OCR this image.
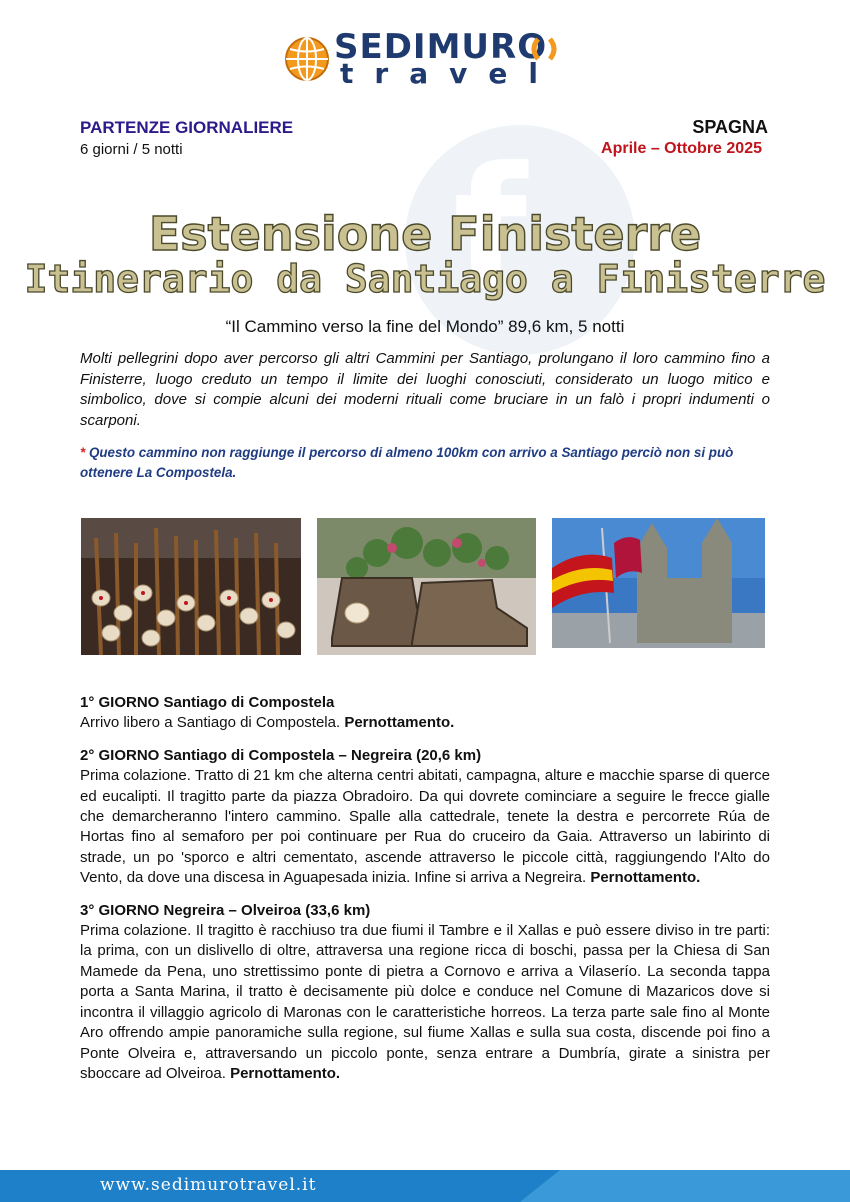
f
SEDIMURO
travel
PARTENZE GIORNALIERE
6 giorni / 5 notti
SPAGNA
Aprile – Ottobre 2025
Estensione Finisterre
Itinerario da Santiago a Finisterre
“Il Cammino verso la fine del Mondo” 89,6 km, 5 notti
Molti pellegrini dopo aver percorso gli altri Cammini per Santiago, prolungano il loro cammino fino a Finisterre, luogo creduto un tempo il limite dei luoghi conosciuti, considerato un luogo mitico e simbolico, dove si compie alcuni dei moderni rituali come bruciare in un falò i propri indumenti o scarponi.
* Questo cammino non raggiunge il percorso di almeno 100km con arrivo a Santiago perciò non si può ottenere La Compostela.
1° GIORNO Santiago di Compostela
Arrivo libero a Santiago di Compostela. Pernottamento.
2° GIORNO Santiago di Compostela – Negreira (20,6 km)
Prima colazione. Tratto di 21 km che alterna centri abitati, campagna, alture e macchie sparse di querce ed eucalipti. Il tragitto parte da piazza Obradoiro. Da qui dovrete cominciare a seguire le frecce gialle che demarcheranno l'intero cammino. Spalle alla cattedrale, tenete la destra e percorrete Rúa de Hortas fino al semaforo per poi continuare per Rua do cruceiro da Gaia. Attraverso un labirinto di strade, un po 'sporco e altri cementato, ascende attraverso le piccole città, raggiungendo l'Alto do Vento, da dove una discesa in Aguapesada inizia. Infine si arriva a Negreira. Pernottamento.
3° GIORNO Negreira – Olveiroa (33,6 km)
Prima colazione. Il tragitto è racchiuso tra due fiumi il Tambre e il Xallas e può essere diviso in tre parti: la prima, con un dislivello di oltre, attraversa una regione ricca di boschi, passa per la Chiesa di San Mamede da Pena, uno strettissimo ponte di pietra a Cornovo e arriva a Vilaserío. La seconda tappa porta a Santa Marina, il tratto è decisamente più dolce e conduce nel Comune di Mazaricos dove si incontra il villaggio agricolo di Maronas con le caratteristiche horreos. La terza parte sale fino al Monte Aro offrendo ampie panoramiche sulla regione, sul fiume Xallas e sulla sua costa, discende poi fino a Ponte Olveira e, attraversando un piccolo ponte, senza entrare a Dumbría, girate a sinistra per sboccare ad Olveiroa. Pernottamento.
www.sedimurotravel.it
